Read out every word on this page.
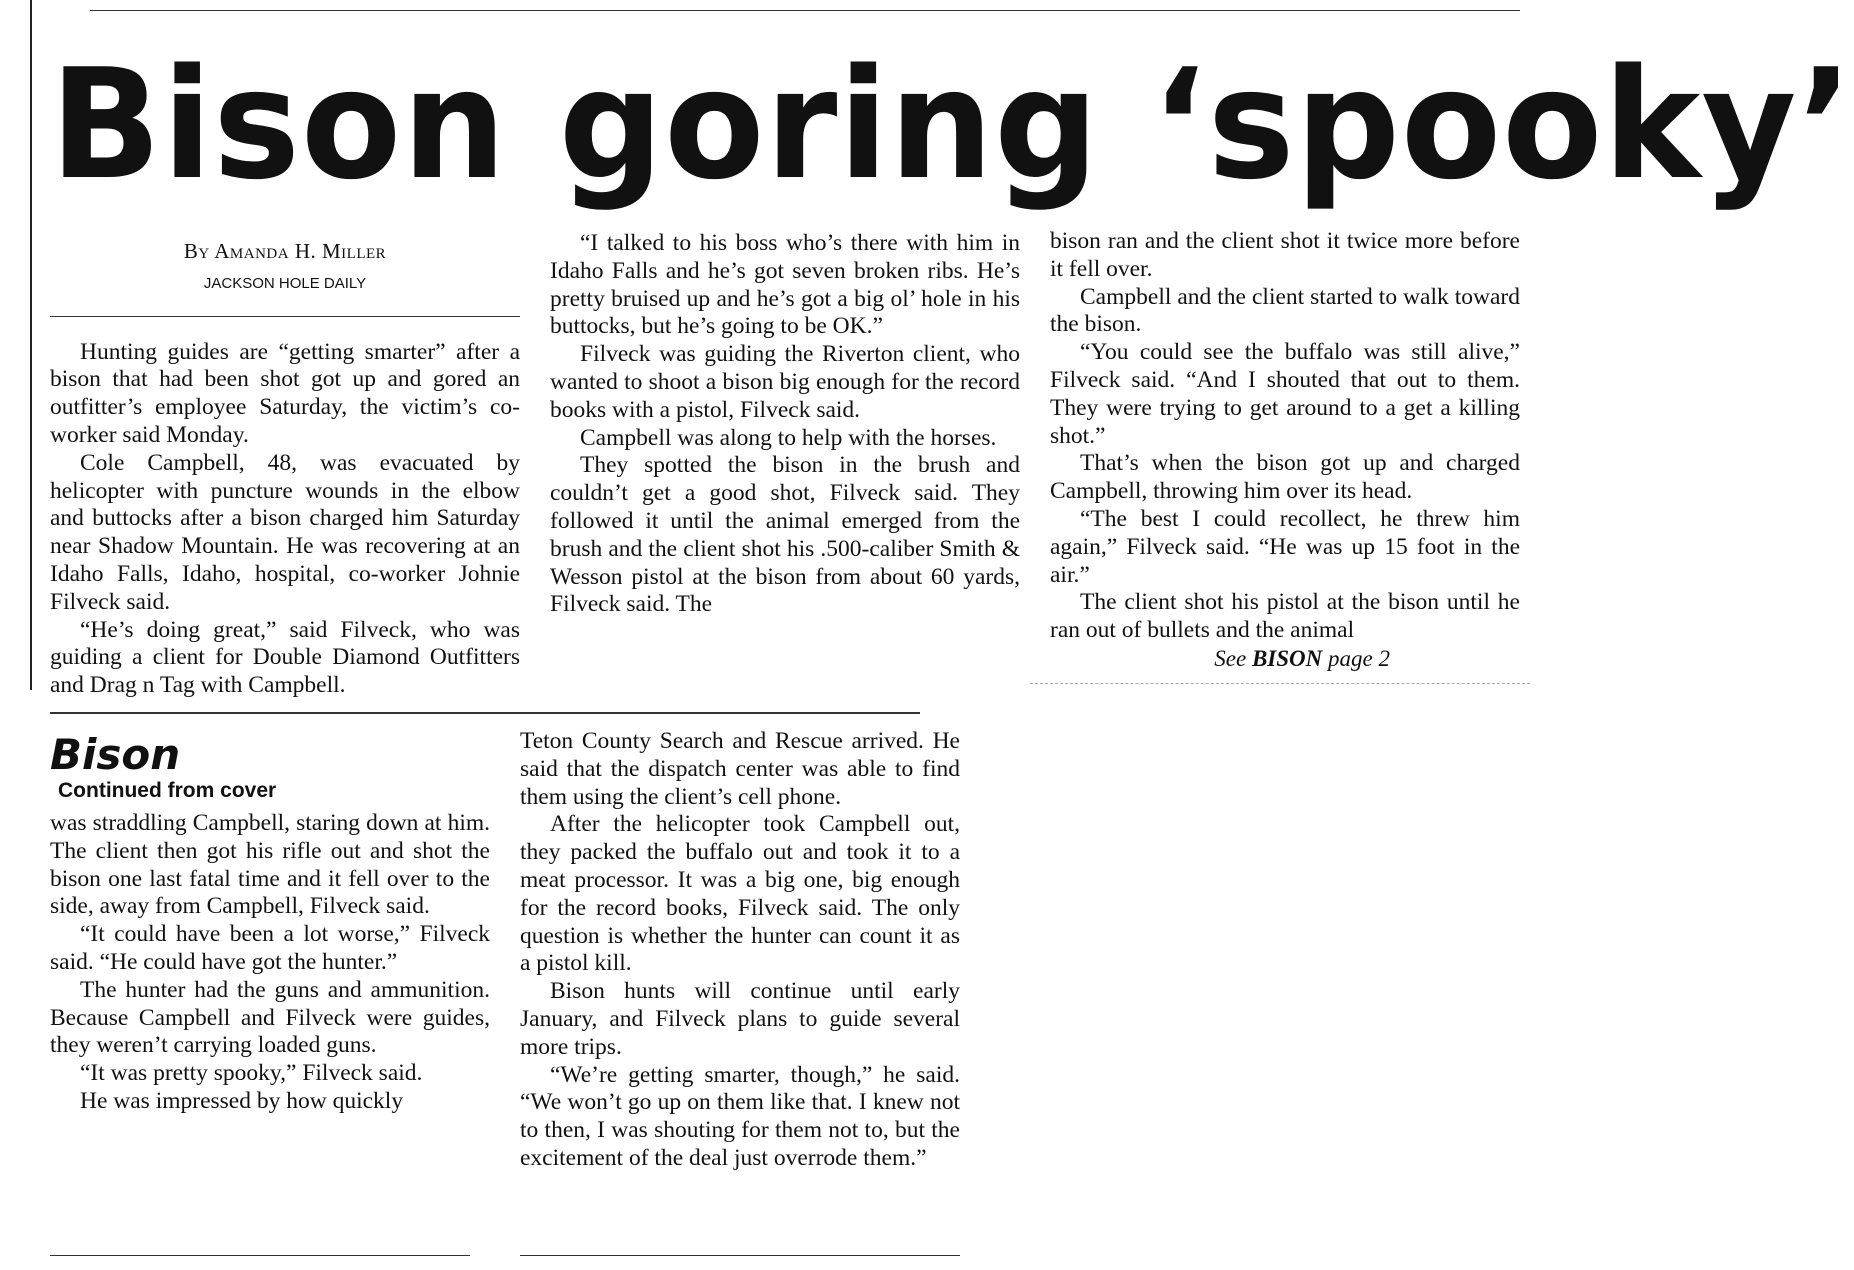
Bison goring ‘spooky’
By Amanda H. Miller
JACKSON HOLE DAILY

Hunting guides are “getting smarter” after a bison that had been shot got up and gored an outfitter’s employee Saturday, the victim’s co-worker said Monday.

Cole Campbell, 48, was evacuated by helicopter with puncture wounds in the elbow and buttocks after a bison charged him Saturday near Shadow Mountain. He was recovering at an Idaho Falls, Idaho, hospital, co-worker Johnie Filveck said.

“He’s doing great,” said Filveck, who was guiding a client for Double Diamond Outfitters and Drag n Tag with Campbell.

“I talked to his boss who’s there with him in Idaho Falls and he’s got seven broken ribs. He’s pretty bruised up and he’s got a big ol’ hole in his buttocks, but he’s going to be OK.”

Filveck was guiding the Riverton client, who wanted to shoot a bison big enough for the record books with a pistol, Filveck said.

Campbell was along to help with the horses.

They spotted the bison in the brush and couldn’t get a good shot, Filveck said. They followed it until the animal emerged from the brush and the client shot his .500-caliber Smith & Wesson pistol at the bison from about 60 yards, Filveck said. The

bison ran and the client shot it twice more before it fell over.

Campbell and the client started to walk toward the bison.

“You could see the buffalo was still alive,” Filveck said. “And I shouted that out to them. They were trying to get around to a get a killing shot.”

That’s when the bison got up and charged Campbell, throwing him over its head.

“The best I could recollect, he threw him again,” Filveck said. “He was up 15 foot in the air.”

The client shot his pistol at the bison until he ran out of bullets and the animal

See BISON page 2
Bison
Continued from cover

was straddling Campbell, staring down at him. The client then got his rifle out and shot the bison one last fatal time and it fell over to the side, away from Campbell, Filveck said.

“It could have been a lot worse,” Filveck said. “He could have got the hunter.”

The hunter had the guns and ammunition. Because Campbell and Filveck were guides, they weren’t carrying loaded guns.

“It was pretty spooky,” Filveck said.

He was impressed by how quickly

Teton County Search and Rescue arrived. He said that the dispatch center was able to find them using the client’s cell phone.

After the helicopter took Campbell out, they packed the buffalo out and took it to a meat processor. It was a big one, big enough for the record books, Filveck said. The only question is whether the hunter can count it as a pistol kill.

Bison hunts will continue until early January, and Filveck plans to guide several more trips.

“We’re getting smarter, though,” he said. “We won’t go up on them like that. I knew not to then, I was shouting for them not to, but the excitement of the deal just overrode them.”
